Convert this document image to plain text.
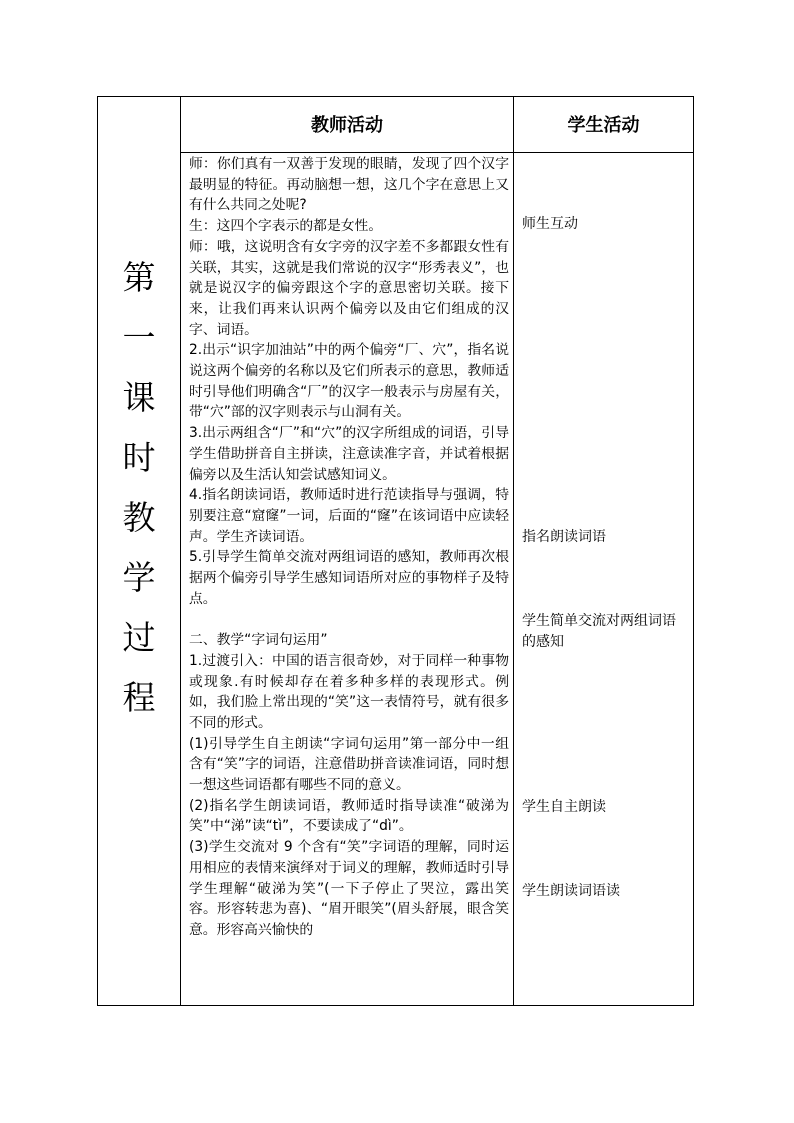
第
一
课
时
教
学
过
程
教师活动	学生活动

师：你们真有一双善于发现的眼睛，发现了四个汉字最明显的特征。再动脑想一想，这几个字在意思上又有什么共同之处呢?

生：这四个字表示的都是女性。

师：哦，这说明含有女字旁的汉字差不多都跟女性有关联，其实，这就是我们常说的汉字“形秀表义”，也就是说汉字的偏旁跟这个字的意思密切关联。接下来，让我们再来认识两个偏旁以及由它们组成的汉字、词语。

2.出示“识字加油站”中的两个偏旁“厂、穴”，指名说说这两个偏旁的名称以及它们所表示的意思，教师适时引导他们明确含“厂”的汉字一般表示与房屋有关，带“穴”部的汉字则表示与山洞有关。

3.出示两组含“厂”和“穴”的汉字所组成的词语，引导学生借助拼音自主拼读，注意读准字音，并试着根据偏旁以及生活认知尝试感知词义。

4.指名朗读词语，教师适时进行范读指导与强调，特别要注意“窟窿”一词，后面的“窿”在该词语中应读轻声。学生齐读词语。

5.引导学生简单交流对两组词语的感知，教师再次根据两个偏旁引导学生感知词语所对应的事物样子及特点。

二、教学“字词句运用”

1.过渡引入：中国的语言很奇妙，对于同样一种事物或现象.有时候却存在着多种多样的表现形式。例如，我们脸上常出现的“笑”这一表情符号，就有很多不同的形式。

(1)引导学生自主朗读“字词句运用”第一部分中一组含有“笑”字的词语，注意借助拼音读准词语，同时想一想这些词语都有哪些不同的意义。

(2)指名学生朗读词语，教师适时指导读准“破涕为笑”中“涕”读“tì”，不要读成了“dì”。

(3)学生交流对 9 个含有“笑”字词语的理解，同时运用相应的表情来演绎对于词义的理解，教师适时引导学生理解“破涕为笑”(一下子停止了哭泣，露出笑容。形容转悲为喜)、“眉开眼笑”(眉头舒展，眼含笑意。形容高兴愉快的

师生互动
指名朗读词语
学生简单交流对两组词语的感知
学生自主朗读
学生朗读词语读
